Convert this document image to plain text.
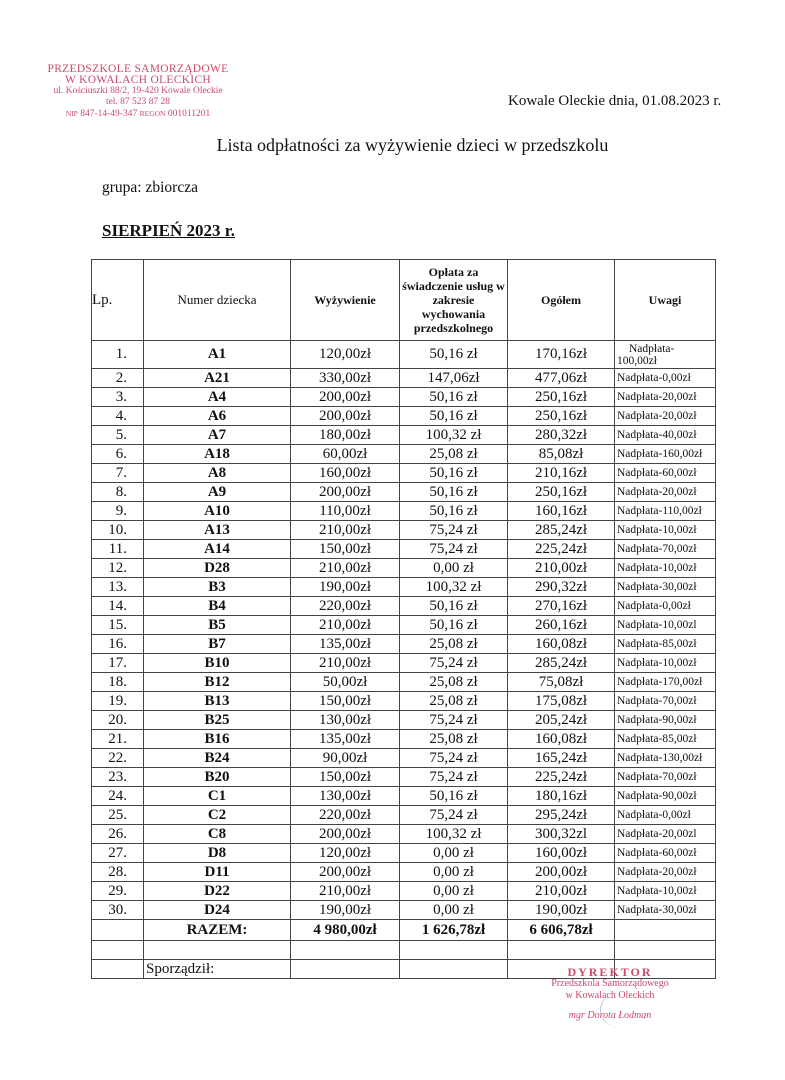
PRZEDSZKOLE SAMORZĄDOWE
W KOWALACH OLECKICH
ul. Kościuszki 88/2, 19-420 Kowale Oleckie
tel. 87 523 87 28
NIP 847-14-49-347 REGON 001011201
Kowale Oleckie dnia, 01.08.2023 r.
Lista odpłatności za wyżywienie dzieci w przedszkolu
grupa: zbiorcza
SIERPIEŃ 2023 r.
Lp.	Numer dziecka	Wyżywienie	Opłata za świadczenie usług w zakresie wychowania przedszkolnego	Ogółem	Uwagi
1.	A1	120,00zł	50,16 zł	170,16zł	Nadpłata-
100,00zł
2.	A21	330,00zł	147,06zł	477,06zł	Nadpłata-0,00zł
3.	A4	200,00zł	50,16 zł	250,16zł	Nadpłata-20,00zł
4.	A6	200,00zł	50,16 zł	250,16zł	Nadpłata-20,00zł
5.	A7	180,00zł	100,32 zł	280,32zł	Nadpłata-40,00zł
6.	A18	60,00zł	25,08 zł	85,08zł	Nadpłata-160,00zł
7.	A8	160,00zł	50,16 zł	210,16zł	Nadpłata-60,00zł
8.	A9	200,00zł	50,16 zł	250,16zł	Nadpłata-20,00zł
9.	A10	110,00zł	50,16 zł	160,16zł	Nadpłata-110,00zł
10.	A13	210,00zł	75,24 zł	285,24zł	Nadpłata-10,00zł
11.	A14	150,00zł	75,24 zł	225,24zł	Nadpłata-70,00zł
12.	D28	210,00zł	0,00 zł	210,00zł	Nadpłata-10,00zł
13.	B3	190,00zł	100,32 zł	290,32zł	Nadpłata-30,00zł
14.	B4	220,00zł	50,16 zł	270,16zł	Nadpłata-0,00zł
15.	B5	210,00zł	50,16 zł	260,16zł	Nadpłata-10,00zl
16.	B7	135,00zł	25,08 zł	160,08zł	Nadpłata-85,00zł
17.	B10	210,00zł	75,24 zł	285,24zł	Nadpłata-10,00zł
18.	B12	50,00zł	25,08 zł	75,08zł	Nadpłata-170,00zł
19.	B13	150,00zł	25,08 zł	175,08zł	Nadpłata-70,00zł
20.	B25	130,00zł	75,24 zł	205,24zł	Nadpłata-90,00zł
21.	B16	135,00zł	25,08 zł	160,08zł	Nadpłata-85,00zł
22.	B24	90,00zł	75,24 zł	165,24zł	Nadpłata-130,00zł
23.	B20	150,00zł	75,24 zł	225,24zł	Nadpłata-70,00zł
24.	C1	130,00zł	50,16 zł	180,16zł	Nadpłata-90,00zł
25.	C2	220,00zł	75,24 zł	295,24zł	Nadpłata-0,00zł
26.	C8	200,00zł	100,32 zł	300,32zl	Nadpłata-20,00zl
27.	D8	120,00zł	0,00 zł	160,00zł	Nadpłata-60,00zł
28.	D11	200,00zł	0,00 zł	200,00zł	Nadpłata-20,00zł
29.	D22	210,00zł	0,00 zł	210,00zł	Nadpłata-10,00zł
30.	D24	190,00zł	0,00 zł	190,00zł	Nadpłata-30,00zł
	RAZEM:	4 980,00zł	1 626,78zł	6 606,78zł	

	Sporządził:					DYREKTOR
Przedszkola Samorządowego
w Kowalach Oleckich
mgr Dorota Łodman
